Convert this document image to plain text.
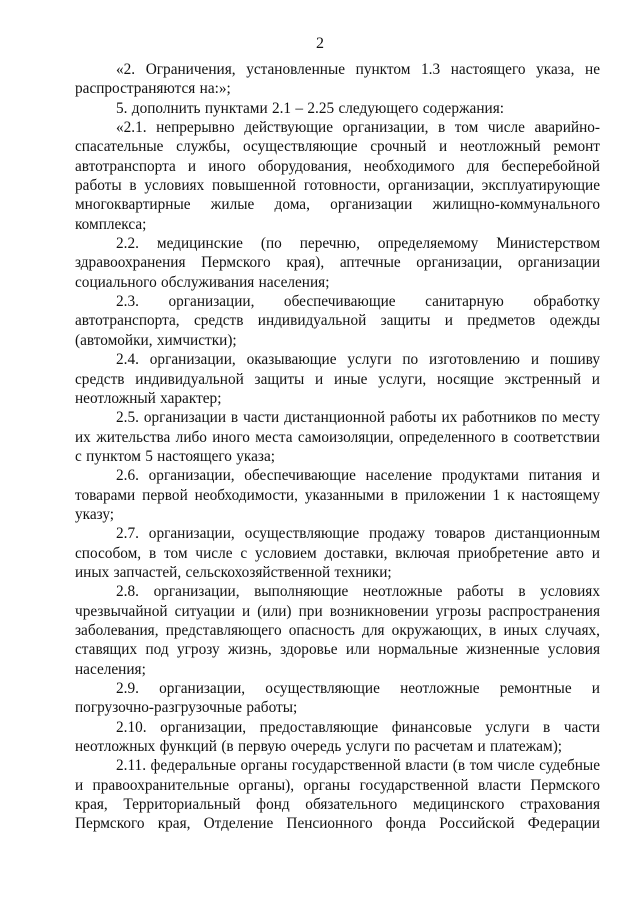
2

«2. Ограничения, установленные пунктом 1.3 настоящего указа, не распространяются на:»;

5. дополнить пунктами 2.1 – 2.25 следующего содержания:

«2.1. непрерывно действующие организации, в том числе аварийно-спасательные службы, осуществляющие срочный и неотложный ремонт автотранспорта и иного оборудования, необходимого для бесперебойной работы в условиях повышенной готовности, организации, эксплуатирующие многоквартирные жилые дома, организации жилищно-коммунального комплекса;

2.2. медицинские (по перечню, определяемому Министерством здравоохранения Пермского края), аптечные организации, организации социального обслуживания населения;

2.3. организации, обеспечивающие санитарную обработку автотранспорта, средств индивидуальной защиты и предметов одежды (автомойки, химчистки);

2.4. организации, оказывающие услуги по изготовлению и пошиву средств индивидуальной защиты и иные услуги, носящие экстренный и неотложный характер;

2.5. организации в части дистанционной работы их работников по месту их жительства либо иного места самоизоляции, определенного в соответствии с пунктом 5 настоящего указа;

2.6. организации, обеспечивающие население продуктами питания и товарами первой необходимости, указанными в приложении 1 к настоящему указу;

2.7. организации, осуществляющие продажу товаров дистанционным способом, в том числе с условием доставки, включая приобретение авто и иных запчастей, сельскохозяйственной техники;

2.8. организации, выполняющие неотложные работы в условиях чрезвычайной ситуации и (или) при возникновении угрозы распространения заболевания, представляющего опасность для окружающих, в иных случаях, ставящих под угрозу жизнь, здоровье или нормальные жизненные условия населения;

2.9. организации, осуществляющие неотложные ремонтные и погрузочно-разгрузочные работы;

2.10. организации, предоставляющие финансовые услуги в части неотложных функций (в первую очередь услуги по расчетам и платежам);

2.11. федеральные органы государственной власти (в том числе судебные и правоохранительные органы), органы государственной власти Пермского края, Территориальный фонд обязательного медицинского страхования Пермского края, Отделение Пенсионного фонда Российской Федерации
